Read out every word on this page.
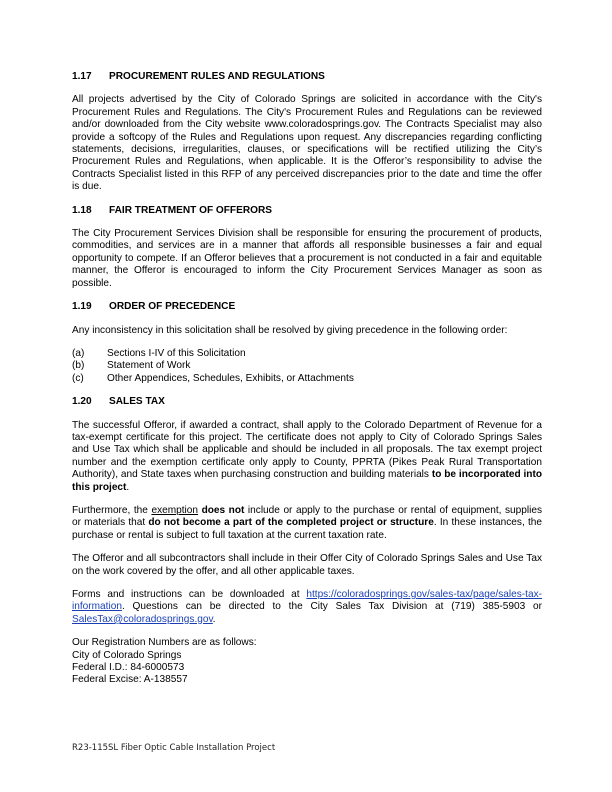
1.17	PROCUREMENT RULES AND REGULATIONS

All projects advertised by the City of Colorado Springs are solicited in accordance with the City's Procurement Rules and Regulations. The City's Procurement Rules and Regulations can be reviewed and/or downloaded from the City website www.coloradosprings.gov. The Contracts Specialist may also provide a softcopy of the Rules and Regulations upon request. Any discrepancies regarding conflicting statements, decisions, irregularities, clauses, or specifications will be rectified utilizing the City’s Procurement Rules and Regulations, when applicable. It is the Offeror’s responsibility to advise the Contracts Specialist listed in this RFP of any perceived discrepancies prior to the date and time the offer is due.

1.18	FAIR TREATMENT OF OFFERORS

The City Procurement Services Division shall be responsible for ensuring the procurement of products, commodities, and services are in a manner that affords all responsible businesses a fair and equal opportunity to compete. If an Offeror believes that a procurement is not conducted in a fair and equitable manner, the Offeror is encouraged to inform the City Procurement Services Manager as soon as possible.

1.19	ORDER OF PRECEDENCE

Any inconsistency in this solicitation shall be resolved by giving precedence in the following order:

(a)	Sections I-IV of this Solicitation
(b)	Statement of Work
(c)	Other Appendices, Schedules, Exhibits, or Attachments
1.20	SALES TAX

The successful Offeror, if awarded a contract, shall apply to the Colorado Department of Revenue for a tax-exempt certificate for this project. The certificate does not apply to City of Colorado Springs Sales and Use Tax which shall be applicable and should be included in all proposals. The tax exempt project number and the exemption certificate only apply to County, PPRTA (Pikes Peak Rural Transportation Authority), and State taxes when purchasing construction and building materials to be incorporated into this project.

Furthermore, the exemption does not include or apply to the purchase or rental of equipment, supplies or materials that do not become a part of the completed project or structure. In these instances, the purchase or rental is subject to full taxation at the current taxation rate.

The Offeror and all subcontractors shall include in their Offer City of Colorado Springs Sales and Use Tax on the work covered by the offer, and all other applicable taxes.

Forms and instructions can be downloaded at https://coloradosprings.gov/sales-tax/page/sales-tax-information. Questions can be directed to the City Sales Tax Division at (719) 385-5903 or SalesTax@coloradosprings.gov.

Our Registration Numbers are as follows:
City of Colorado Springs
Federal I.D.: 84-6000573
Federal Excise: A-138557
R23-115SL Fiber Optic Cable Installation Project
